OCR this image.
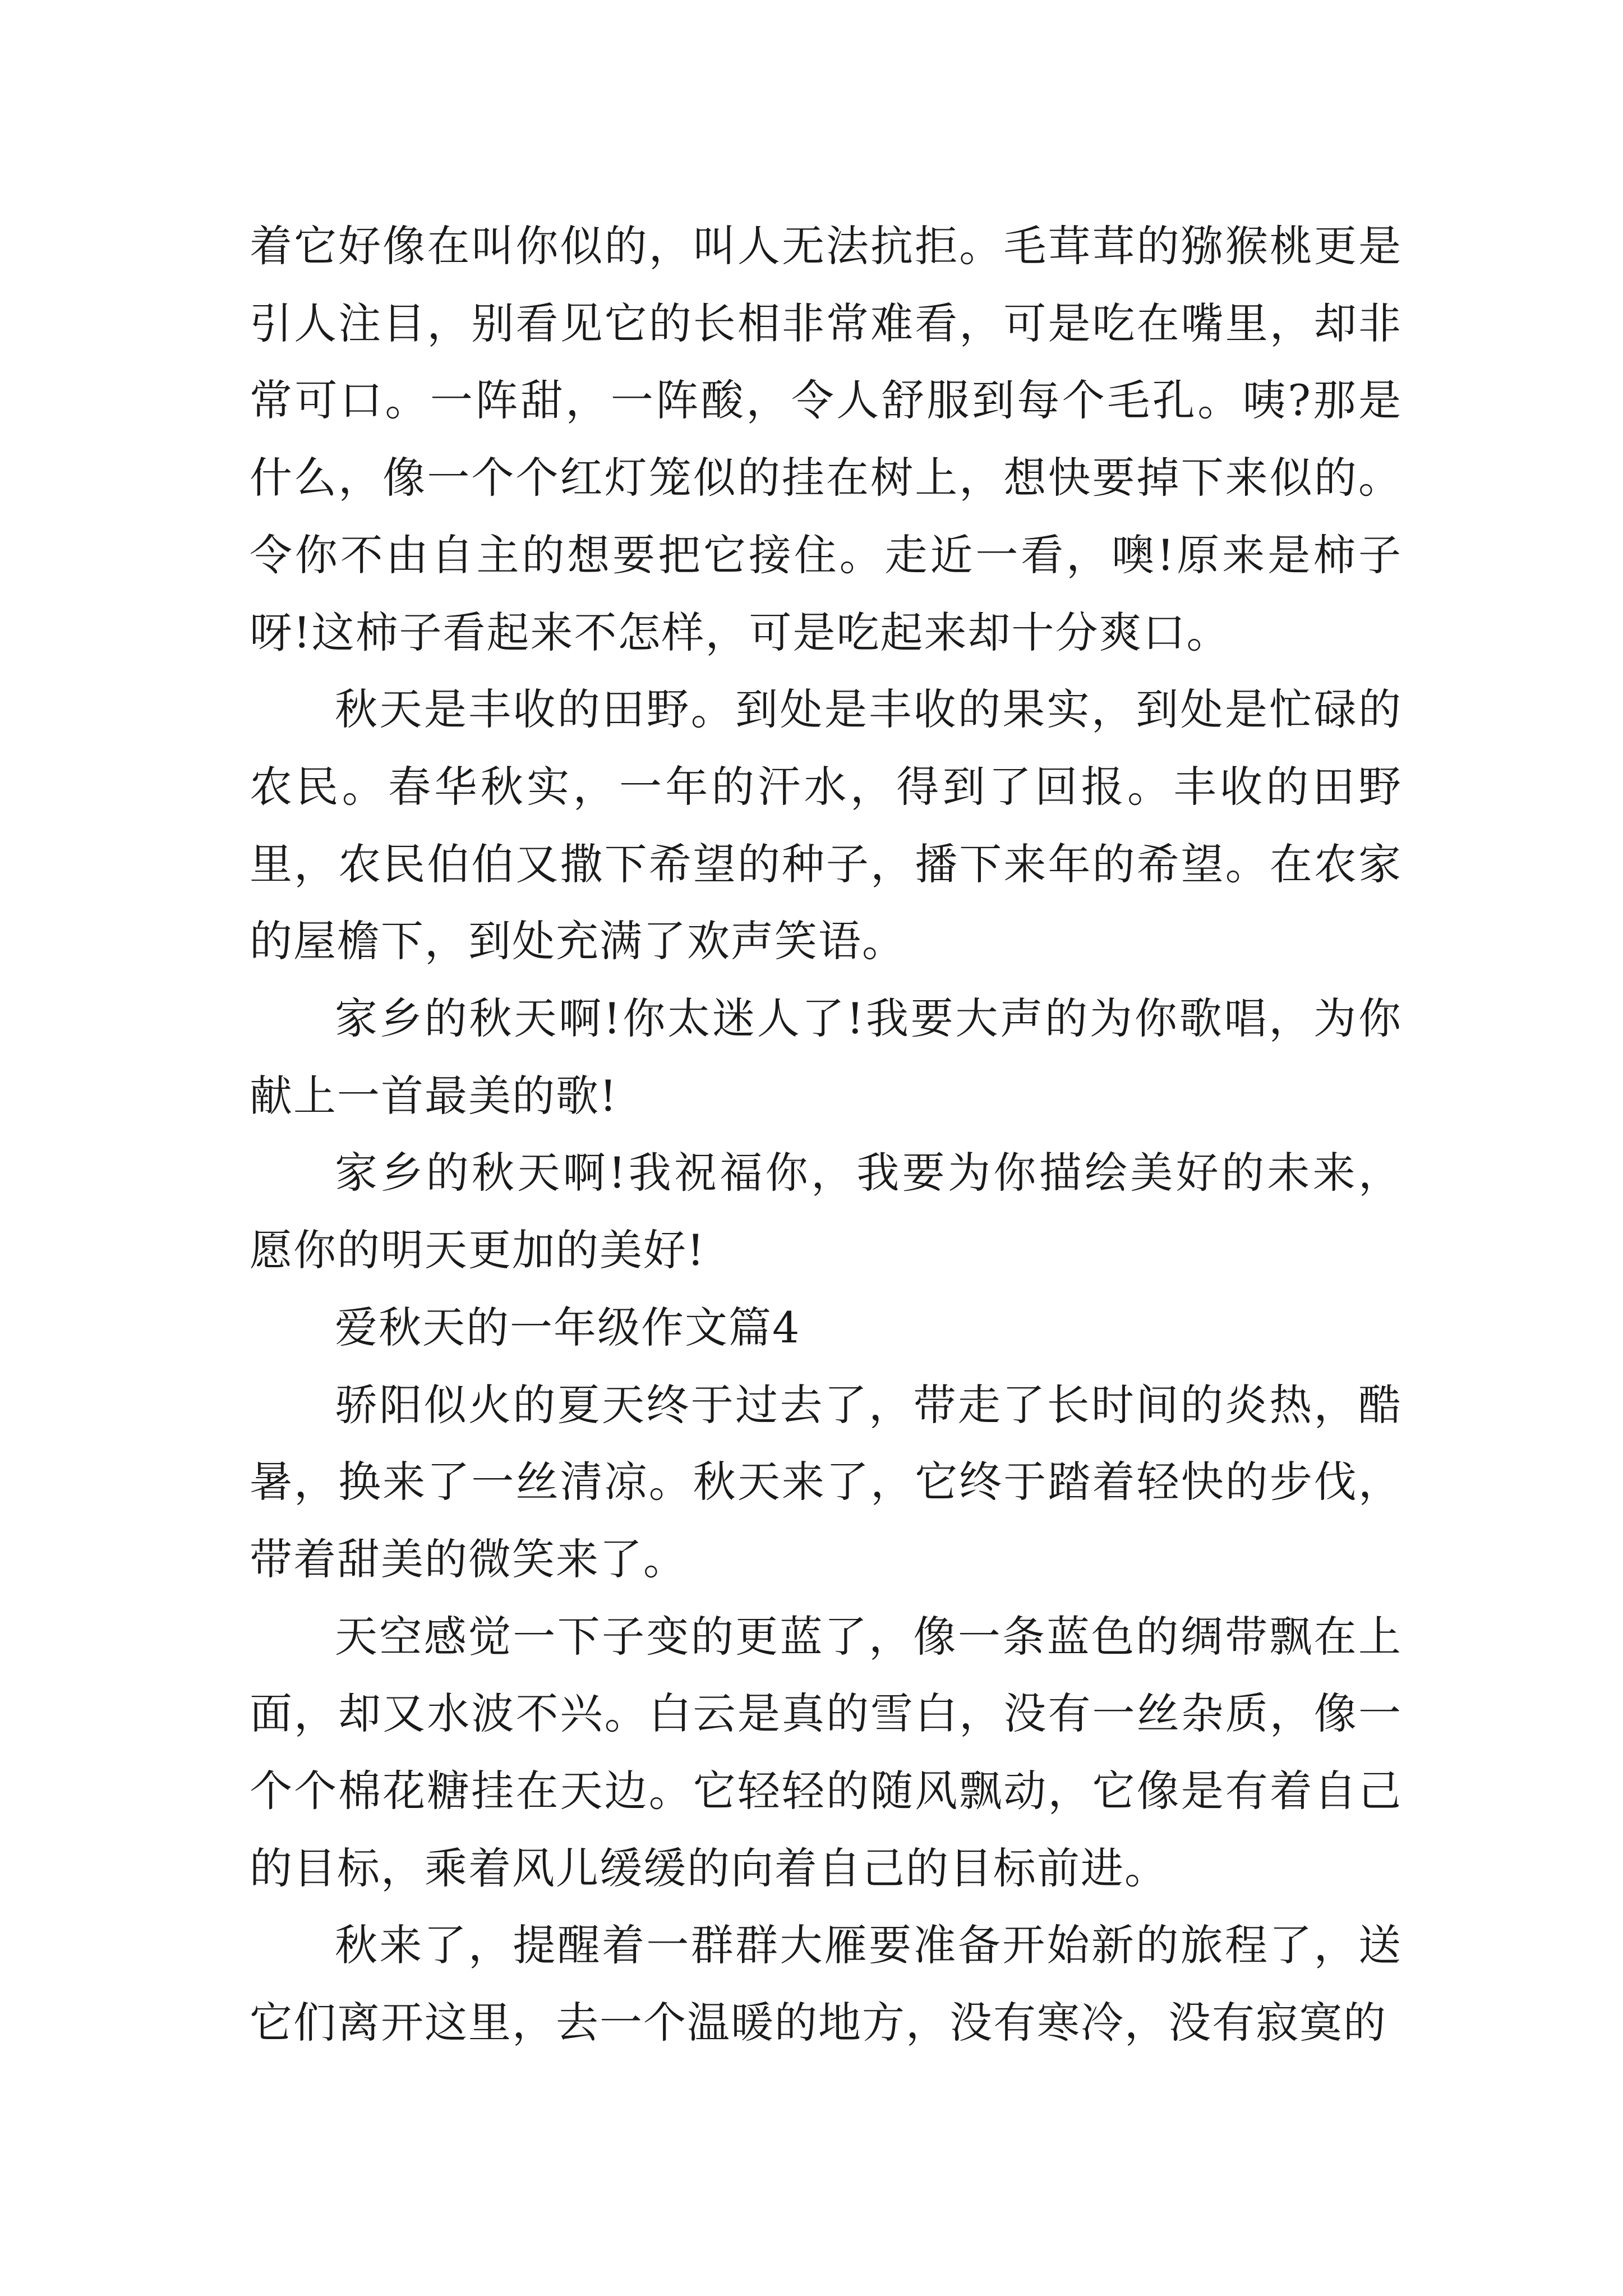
着它好像在叫你似的，叫人无法抗拒。毛茸茸的猕猴桃更是引人注目，别看见它的长相非常难看，可是吃在嘴里，却非常可口。一阵甜，一阵酸，令人舒服到每个毛孔。咦?那是什么，像一个个红灯笼似的挂在树上，想快要掉下来似的。令你不由自主的想要把它接住。走近一看，噢!原来是柿子呀!这柿子看起来不怎样，可是吃起来却十分爽口。

秋天是丰收的田野。到处是丰收的果实，到处是忙碌的农民。春华秋实，一年的汗水，得到了回报。丰收的田野里，农民伯伯又撒下希望的种子，播下来年的希望。在农家的屋檐下，到处充满了欢声笑语。

家乡的秋天啊!你太迷人了!我要大声的为你歌唱，为你献上一首最美的歌!

家乡的秋天啊!我祝福你，我要为你描绘美好的未来，愿你的明天更加的美好!

爱秋天的一年级作文篇4

骄阳似火的夏天终于过去了，带走了长时间的炎热，酷暑，换来了一丝清凉。秋天来了，它终于踏着轻快的步伐，带着甜美的微笑来了。

天空感觉一下子变的更蓝了，像一条蓝色的绸带飘在上面，却又水波不兴。白云是真的雪白，没有一丝杂质，像一个个棉花糖挂在天边。它轻轻的随风飘动，它像是有着自己的目标，乘着风儿缓缓的向着自己的目标前进。

秋来了，提醒着一群群大雁要准备开始新的旅程了，送它们离开这里，去一个温暖的地方，没有寒冷，没有寂寞的
